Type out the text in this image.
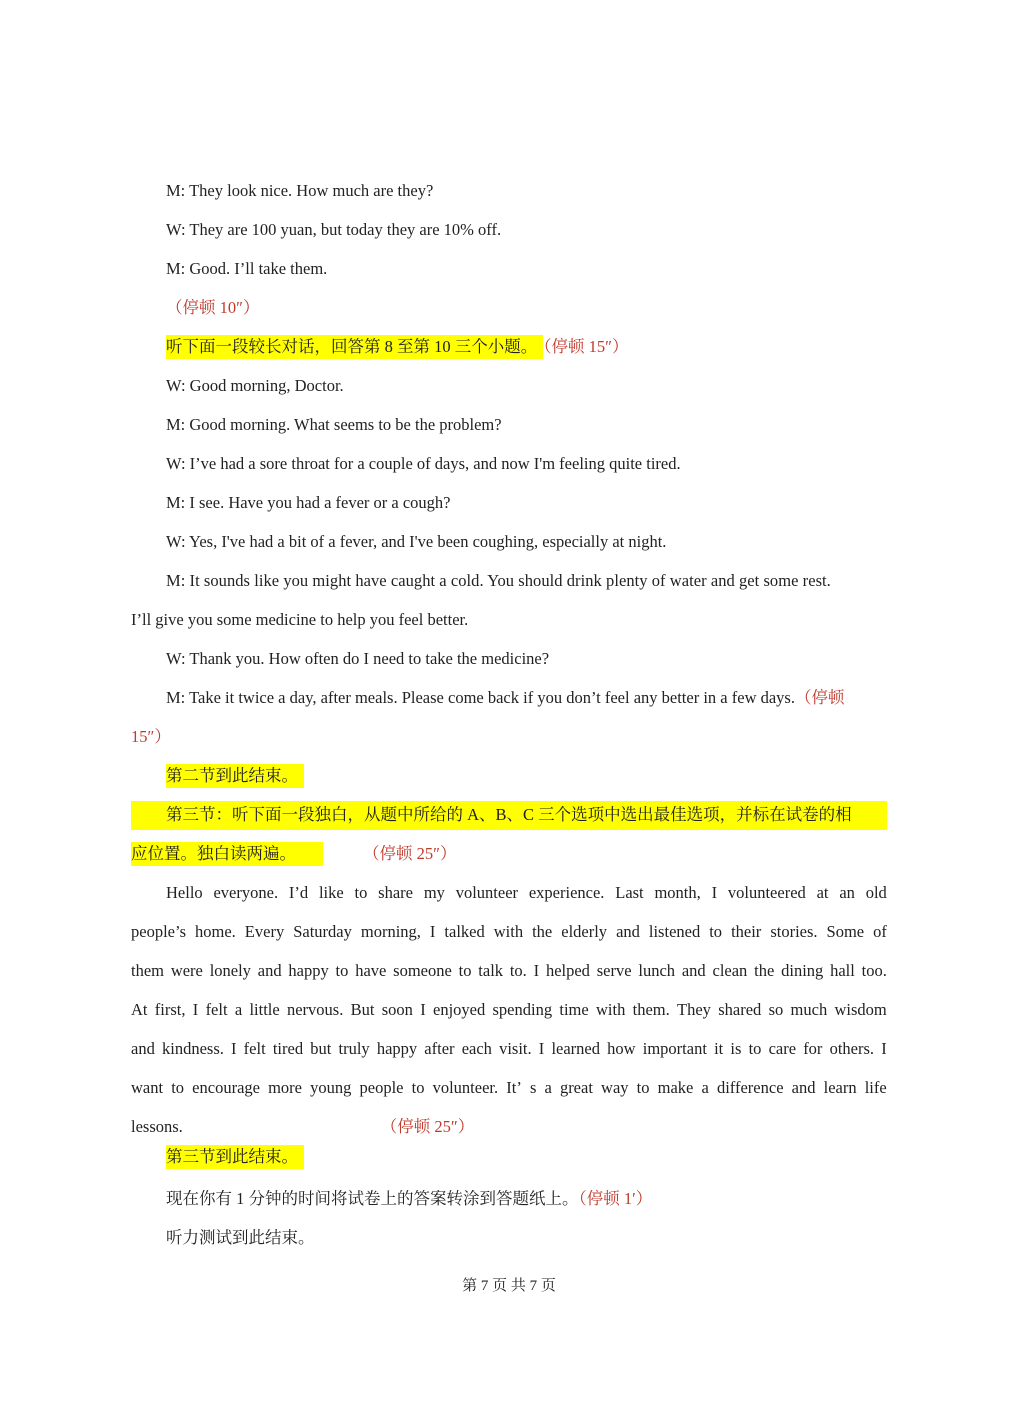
M: They look nice. How much are they?
W: They are 100 yuan, but today they are 10% off.
M: Good. I’ll take them.
（停顿 10″）
听下面一段较长对话，回答第 8 至第 10 三个小题。 （停顿 15″）
W: Good morning, Doctor.
M: Good morning. What seems to be the problem?
W: I’ve had a sore throat for a couple of days, and now I'm feeling quite tired.
M: I see. Have you had a fever or a cough?
W: Yes, I've had a bit of a fever, and I've been coughing, especially at night.
M: It sounds like you might have caught a cold. You should drink plenty of water and get some rest.
I’ll give you some medicine to help you feel better.
W: Thank you. How often do I need to take the medicine?
M: Take it twice a day, after meals. Please come back if you don’t feel any better in a few days.（停顿
15″）
第二节到此结束。
第三节：听下面一段独白，从题中所给的 A、B、C 三个选项中选出最佳选项，并标在试卷的相
应位置。独白读两遍。	（停顿 25″）
Hello everyone. I’d like to share my volunteer experience. Last month, I volunteered at an old
people’s home. Every Saturday morning, I talked with the elderly and listened to their stories. Some of
them were lonely and happy to have someone to talk to. I helped serve lunch and clean the dining hall too.
At first, I felt a little nervous. But soon I enjoyed spending time with them. They shared so much wisdom
and kindness. I felt tired but truly happy after each visit. I learned how important it is to care for others. I
want to encourage more young people to volunteer. It’ s a great way to make a difference and learn life
lessons.	（停顿 25″）
第三节到此结束。
现在你有 1 分钟的时间将试卷上的答案转涂到答题纸上。（停顿 1′）
听力测试到此结束。
第 7 页 共 7 页
